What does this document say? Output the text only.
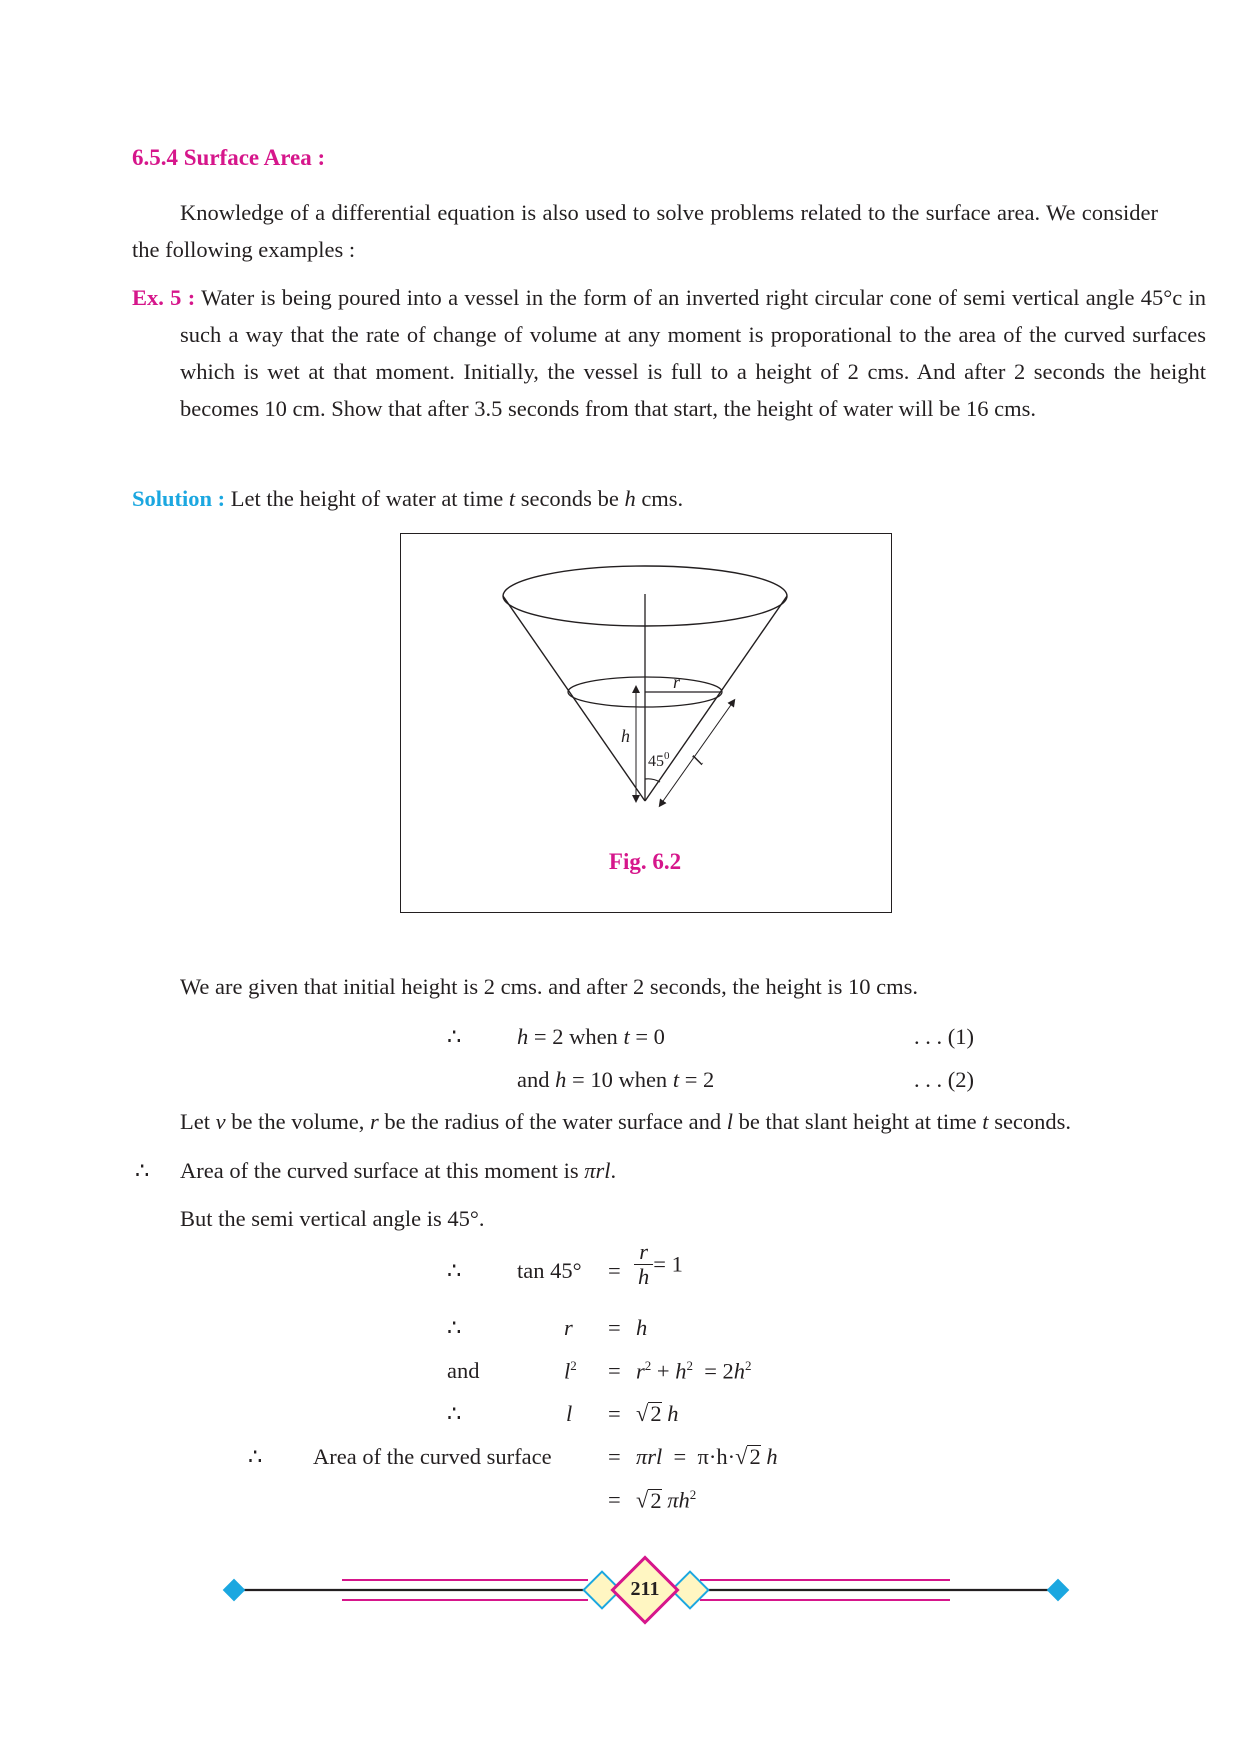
6.5.4 Surface Area :
Knowledge of a differential equation is also used to solve problems related to the surface area. We consider the following examples :
Ex. 5 : Water is being poured into a vessel in the form of an inverted right circular cone of semi vertical angle 45°c in such a way that the rate of change of volume at any moment is proporational to the area of the curved surfaces which is wet at that moment. Initially, the vessel is full to a height of 2 cms. And after 2 seconds the height becomes 10 cm. Show that after 3.5 seconds from that start, the height of water will be 16 cms.
Solution : Let the height of water at time t seconds be h cms.
r
h
$45^0$ l
Fig. 6.2
We are given that initial height is 2 cms. and after 2 seconds, the height is 10 cms.
∴ h = 2 when t = 0	. . . (1)
and h = 10 when t = 2	. . . (2)
Let v be the volume, r be the radius of the water surface and l be that slant height at time t seconds.
∴ Area of the curved surface at this moment is πrl.
But the semi vertical angle is 45°.
∴ $\tan 45^\circ = \frac{r}{h} = 1$
∴	r = h
and	$l^2 = r^2 + h^2 = 2h^2$
∴	l = √2 h
∴ Area of the curved surface	= πrl  =  π·h·√2 h
= √2 $\pi h^2$
211
